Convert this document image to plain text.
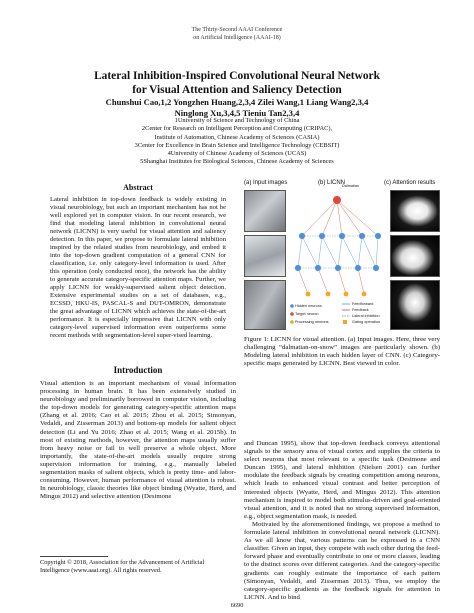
The Thirty-Second AAAI Conference
on Artificial Intelligence (AAAI-18)
Lateral Inhibition-Inspired Convolutional Neural Network
for Visual Attention and Saliency Detection
Chunshui Cao,1,2 Yongzhen Huang,2,3,4 Zilei Wang,1 Liang Wang2,3,4
Ninglong Xu,3,4,5 Tieniu Tan2,3,4
1University of Science and Technology of China
2Center for Research on Intelligent Perception and Computing (CRIPAC),
Institute of Automation, Chinese Academy of Sciences (CASIA)
3Center for Excellence in Brain Science and Intelligence Technology (CEBSIT)
4University of Chinese Academy of Sciences (UCAS)
5Shanghai Institutes for Biological Sciences, Chinese Academy of Sciences
Abstract
Lateral inhibition in top-down feedback is widely existing in visual neurobiology, but such an important mechanism has not be well explored yet in computer vision. In our recent research, we find that modeling lateral inhibition in convolutional neural network (LICNN) is very useful for visual attention and saliency detection. In this paper, we propose to formulate lateral inhibition inspired by the related studies from neurobiology, and embed it into the top-down gradient computation of a general CNN for classification, i.e. only category-level information is used. After this operation (only conducted once), the network has the ability to generate accurate category-specific attention maps. Further, we apply LICNN for weakly-supervised salient object detection. Extensive experimental studies on a set of databases, e.g., ECSSD, HKU-IS, PASCAL-S and DUT-OMRON, demonstrate the great advantage of LICNN which achieves the state-of-the-art performance. It is especially impressive that LICNN with only category-level supervised information even outperforms some recent methods with segmentation-level super-vised learning.
Introduction

Visual attention is an important mechanism of visual information processing in human brain. It has been extensively studied in neurobiology and preliminarily borrowed in computer vision, including the top-down models for generating category-specific attention maps (Zhang et al. 2016; Cao et al. 2015; Zhou et al. 2015; Simonyan, Vedaldi, and Zisserman 2013) and bottom-up models for salient object detection (Li and Yu 2016; Zhao et al. 2015; Wang et al. 2015b). In most of existing methods, however, the attention maps usually suffer from heavy noise or fail to well preserve a whole object. More importantly, the state-of-the-art models usually require strong supervision information for training, e.g., manually labeled segmentation masks of salient objects, which is pretty time- and labor-consuming. However, human performance of visual attention is robust. In neurobiology, classic theories like object binding (Wyatte, Herd, and Mingus 2012) and selective attention (Desimone

Copyright © 2018, Association for the Advancement of Artificial
Intelligence (www.aaai.org). All rights reserved.
(a) Input images	(b) LICNN	(c) Attention results
Dalmatian
Hidden neurons
Target neuron
Processing neurons
Feedforward
Feedback
Lateral inhibition
Gating operation
Figure 1: LICNN for visual attention. (a) Input images. Here, three very challenging “dalmatian-on-snow” images are particularly shown. (b) Modeling lateral inhibition in each hidden layer of CNN. (c) Category-specific maps generated by LICNN. Best viewed in color.

and Duncan 1995), show that top-down feedback conveys attentional signals to the sensory area of visual cortex and supplies the criteria to select neurons that most relevant to a specific task (Desimone and Duncan 1995), and lateral inhibition (Nielsen 2001) can further modulate the feedback signals by creating competition among neurons, which leads to enhanced visual contrast and better perception of interested objects (Wyatte, Herd, and Mingus 2012). This attention mechanism is inspired to model both stimulus-driven and goal-oriented visual attention, and it is noted that no strong supervised information, e.g., object segmentation mask, is needed.

Motivated by the aforementioned findings, we propose a method to formulate lateral inhibition in convolutional neural network (LICNN). As we all know that, various patterns can be expressed in a CNN classifier. Given an input, they compete with each other during the feed-forward phase and eventually contribute to one or more classes, leading to the distinct scores over different categories. And the category-specific gradients can roughly estimate the importance of each pattern (Simonyan, Vedaldi, and Zisserman 2013). Thus, we employ the category-specific gradients as the feedback signals for attention in LICNN. And to bind

6690
